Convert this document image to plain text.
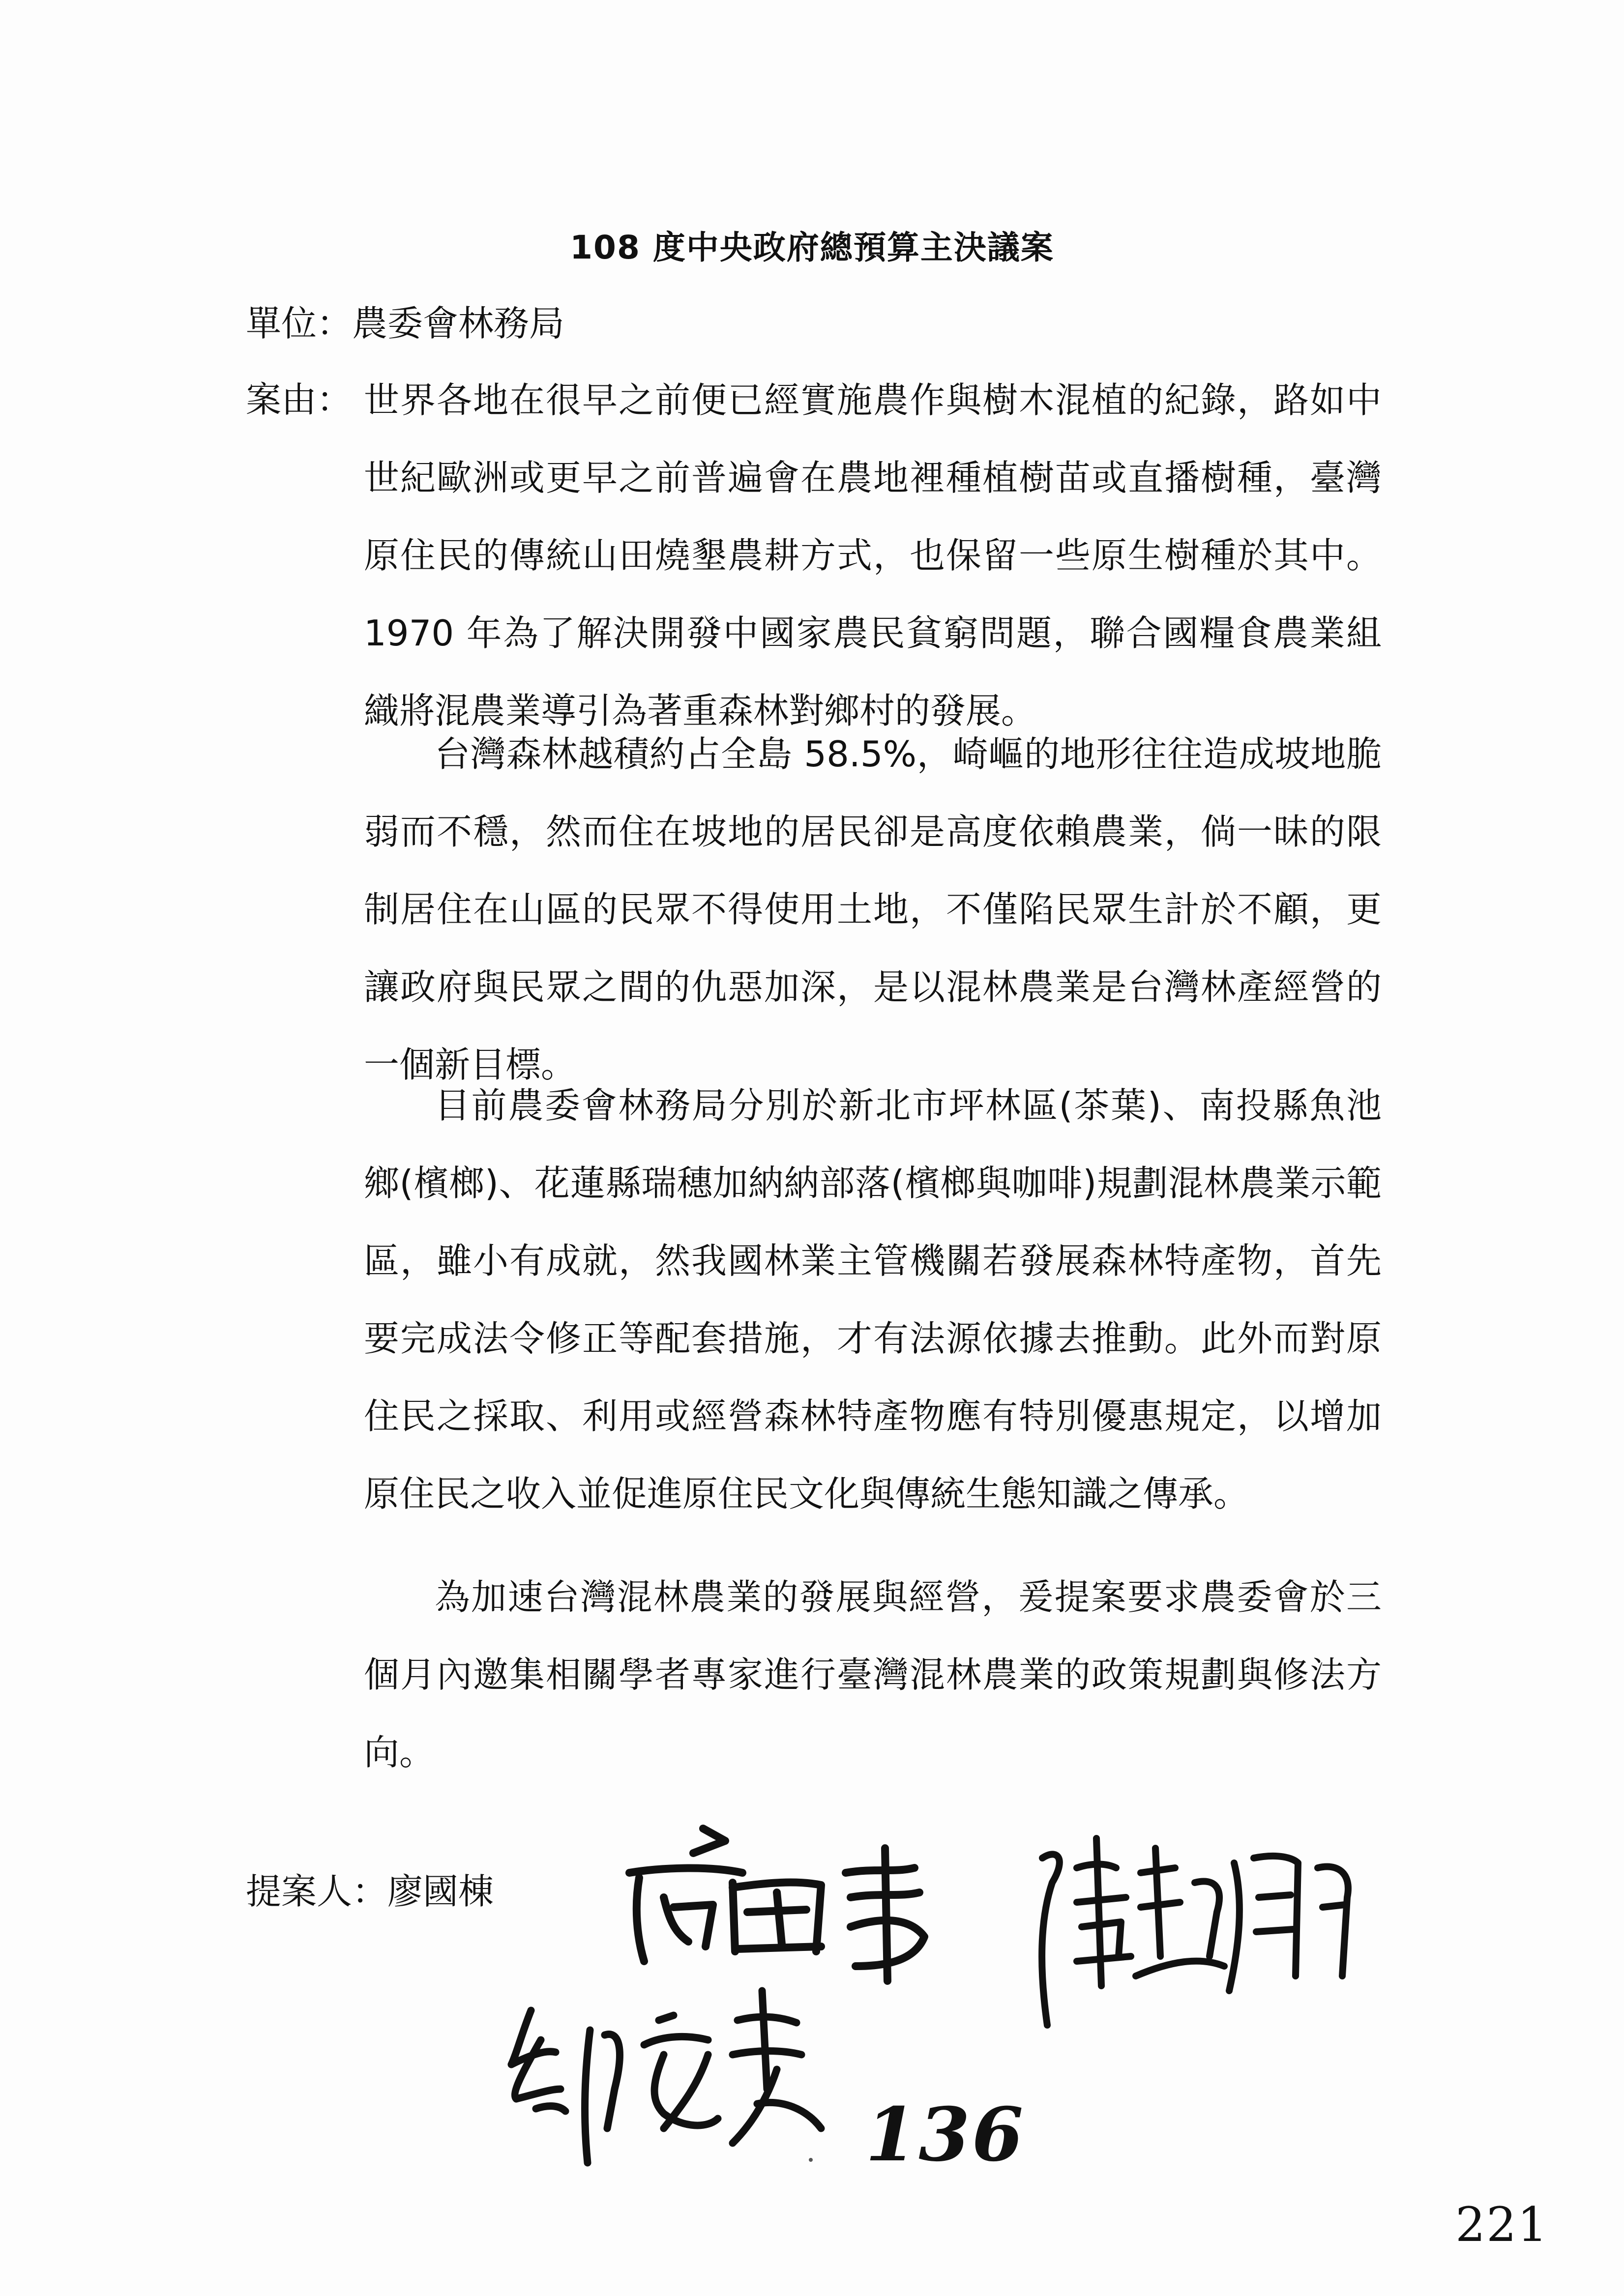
108 度中央政府總預算主決議案
單位：農委會林務局
案由： 世界各地在很早之前便已經實施農作與樹木混植的紀錄，路如中世紀歐洲或更早之前普遍會在農地裡種植樹苗或直播樹種，臺灣原住民的傳統山田燒墾農耕方式，也保留一些原生樹種於其中。1970 年為了解決開發中國家農民貧窮問題，聯合國糧食農業組織將混農業導引為著重森林對鄉村的發展。

台灣森林越積約占全島 58.5%，崎嶇的地形往往造成坡地脆弱而不穩，然而住在坡地的居民卻是高度依賴農業，倘一昧的限制居住在山區的民眾不得使用土地，不僅陷民眾生計於不顧，更讓政府與民眾之間的仇惡加深，是以混林農業是台灣林產經營的一個新目標。

目前農委會林務局分別於新北市坪林區(茶葉)、南投縣魚池鄉(檳榔)、花蓮縣瑞穗加納納部落(檳榔與咖啡)規劃混林農業示範區，雖小有成就，然我國林業主管機關若發展森林特產物，首先要完成法令修正等配套措施，才有法源依據去推動。此外而對原住民之採取、利用或經營森林特產物應有特別優惠規定，以增加原住民之收入並促進原住民文化與傳統生態知識之傳承。

為加速台灣混林農業的發展與經營，爰提案要求農委會於三個月內邀集相關學者專家進行臺灣混林農業的政策規劃與修法方向。

提案人：廖國棟
136
221
